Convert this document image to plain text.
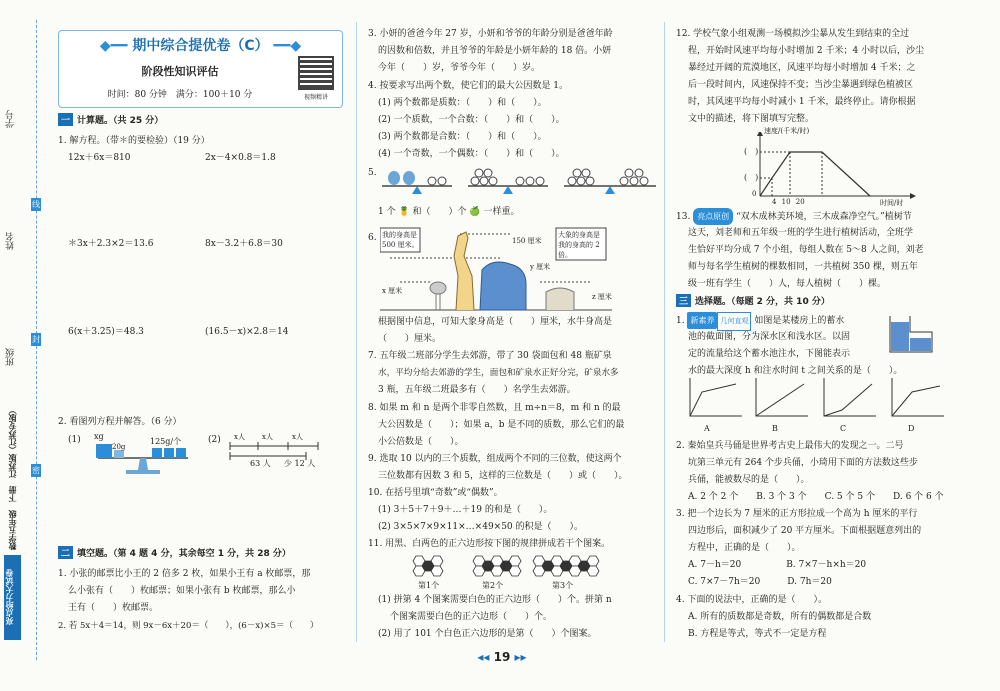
学号
姓名
班级
线
封
密
数学五年级　下册　江苏版（江苏专版）
亮点给力大试卷
◆━━ 期中综合提优卷（C） ━━◆
阶段性知识评估
时间：80 分钟　满分：100＋10 分	视频精讲
一 计算题。（共 25 分）
1. 解方程。（带＊的要检验）（19 分）
12x＋6x＝810	2x－4×0.8＝1.8
＊3x＋2.3×2＝13.6	8x－3.2＋6.8＝30
6(x＋3.25)＝48.3	(16.5－x)×2.8＝14
2. 看图列方程并解答。（6 分）
(1) xg
20g
125g/个	(2) x人 x人	x人
63 人 少 12 人
二 填空题。（第 4 题 4 分，其余每空 1 分，共 28 分）
1. 小张的邮票比小王的 2 倍多 2 枚，如果小王有 a 枚邮票，那
么小张有（　　）枚邮票；如果小张有 b 枚邮票，那么小
王有（　　）枚邮票。
2. 若 5x＋4＝14，则 9x－6x＋20＝（　　），(6－x)×5＝（　　）
3. 小妍的爸爸今年 27 岁，小妍和爷爷的年龄分别是爸爸年龄
的因数和倍数，并且爷爷的年龄是小妍年龄的 18 倍。小妍
今年（　　）岁，爷爷今年（　　）岁。
4. 按要求写出两个数，使它们的最大公因数是 1。
(1) 两个数都是质数：（　　）和（　　）。
(2) 一个质数，一个合数：（　　）和（　　）。
(3) 两个数都是合数：（　　）和（　　）。
(4) 一个奇数，一个偶数：（　　）和（　　）。
5.
1 个 🍍 和（　　）个 🍏 一样重。
6. 我的身高是 500 厘米。
大象的身高是我的身高的 2 倍。
150 厘米
y 厘米
x 厘米
z 厘米
根据图中信息，可知大象身高是（　　）厘米，水牛身高是
（　　）厘米。
7. 五年级二班部分学生去郊游，带了 30 袋面包和 48 瓶矿泉
水，平均分给去郊游的学生，面包和矿泉水正好分完，矿泉水多
3 瓶，五年级二班最多有（　　）名学生去郊游。
8. 如果 m 和 n 是两个非零自然数，且 m÷n＝8，m 和 n 的最
大公因数是（　　）；如果 a，b 是不同的质数，那么它们的最
小公倍数是（　　）。
9. 选取 10 以内的三个质数，组成两个不同的三位数，使这两个
三位数都有因数 3 和 5，这样的三位数是（　　）或（　　）。
10. 在括号里填“奇数”或“偶数”。
(1) 3＋5＋7＋9＋…＋19 的和是（　　）。
(2) 3×5×7×9×11×…×49×50 的积是（　　）。
11. 用黑、白两色的正六边形按下图的规律拼成若干个图案。
第1个	第2个	第3个
(1) 拼第 4 个图案需要白色的正六边形（　　）个。拼第 n
个图案需要白色的正六边形（　　）个。
(2) 用了 101 个白色正六边形的是第（　　）个图案。
12. 学校气象小组观测一场模拟沙尘暴从发生到结束的全过
程，开始时风速平均每小时增加 2 千米；4 小时以后，沙尘
暴经过开阔的荒漠地区，风速平均每小时增加 4 千米；之
后一段时间内，风速保持不变；当沙尘暴遇到绿色植被区
时，其风速平均每小时减小 1 千米，最终停止。请你根据
文中的描述，将下图填写完整。
速度/(千米/时)
时间/时
0
4 10 20
(　)
(　)
13. 亮点原创 “双木成林美环境，三木成森净空气。”植树节
这天，刘老师和五年级一班的学生进行植树活动，全班学
生恰好平均分成 7 个小组，每组人数在 5～8 人之间，刘老
师与每名学生植树的棵数相同，一共植树 350 棵，则五年
级一班有学生（　　）人，每人植树（　　）棵。
三 选择题。（每题 2 分，共 10 分）
1. 新素养 几何直观 如图是某楼房上的蓄水
池的截面图，分为深水区和浅水区。以固
定的流量给这个蓄水池注水，下图能表示
水的最大深度 h 和注水时间 t 之间关系的是（　　）。
A	B	C	D
2. 秦始皇兵马俑是世界考古史上最伟大的发现之一。二号
坑第三单元有 264 个步兵俑，小琦用下面的方法数这些步
兵俑，能被数尽的是（　　）。
A. 2 个 2 个　　B. 3 个 3 个　　C. 5 个 5 个　　D. 6 个 6 个
3. 把一个边长为 7 厘米的正方形拉成一个高为 h 厘米的平行
四边形后，面积减少了 20 平方厘米。下面根据题意列出的
方程中，正确的是（　　）。
A. 7－h＝20　　　　　B. 7×7－h×h＝20
C. 7×7－7h＝20　　　D. 7h＝20
4. 下面的说法中，正确的是（　　）。
A. 所有的质数都是奇数，所有的偶数都是合数
B. 方程是等式，等式不一定是方程
◂◂ 19 ▸▸
